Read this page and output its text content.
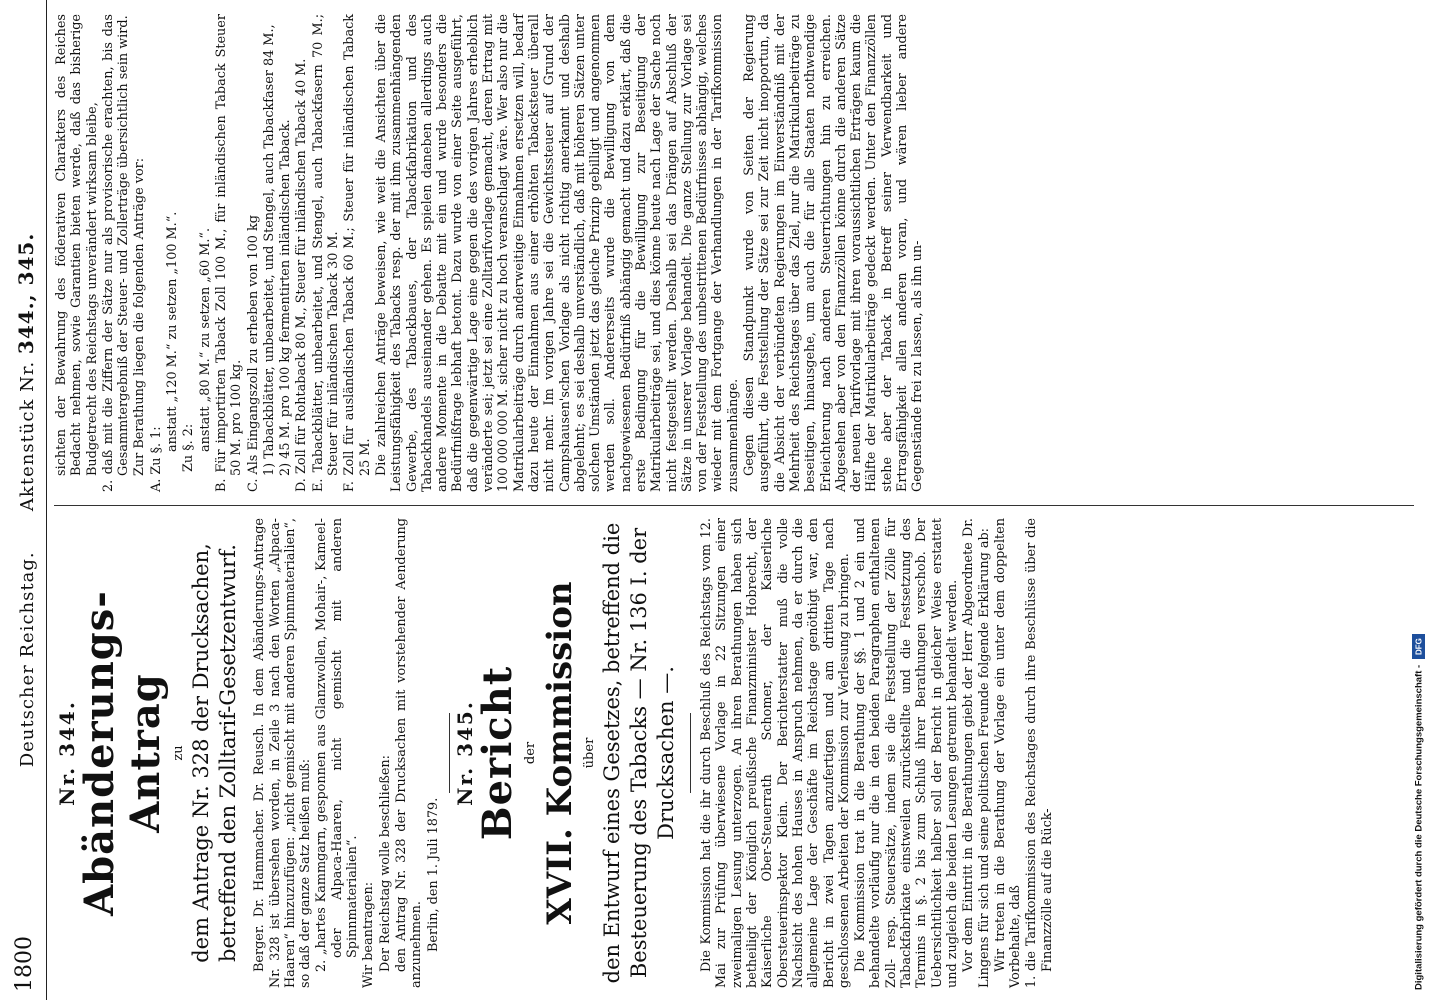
1800
Deutscher Reichstag.      Aktenstück Nr. 344., 345.
Nr. 344.
Abänderungs-Antrag zu dem Antrage Nr. 328 der Drucksachen, betreffend den Zolltarif-Gesetzentwurf. Berger. Dr. Hammacher. Dr. Reusch. In dem Abänderungs-Antrage Nr. 328 ist übersehen worden, in Zeile 3 nach den Worten „Alpaca-Haaren“ hinzuzufügen: „nicht gemischt mit anderen Spinnmaterialien“, so daß der ganze Satz heißen muß: 2. „hartes Kammgarn, gesponnen aus Glanzwollen, Mohair-, Kameel- oder Alpaca-Haaren, nicht gemischt mit anderen Spinnmaterialien“. Wir beantragen: Der Reichstag wolle beschließen: den Antrag Nr. 328 der Drucksachen mit vorstehender Aenderung anzunehmen. Berlin, den 1. Juli 1879.

Nr. 345.
Bericht der XVII. Kommission über den Entwurf eines Gesetzes, betreffend die Besteuerung des Tabacks — Nr. 136 I. der Drucksachen —. Die Kommission hat die ihr durch Beschluß des Reichstags vom 12. Mai zur Prüfung überwiesene Vorlage in 22 Sitzungen einer zweimaligen Lesung unterzogen. An ihren Berathungen haben sich betheiligt der Königlich preußische Finanzminister Hobrecht, der Kaiserliche Ober-Steuerrath Schomer, der Kaiserliche Obersteuerinspektor Klein. Der Berichterstatter muß die volle Nachsicht des hohen Hauses in Anspruch nehmen, da er durch die allgemeine Lage der Geschäfte im Reichstage genöthigt war, den Bericht in zwei Tagen anzufertigen und am dritten Tage nach geschlossenen Arbeiten der Kommission zur Verlesung zu bringen. Die Kommission trat in die Berathung der §§. 1 und 2 ein und behandelte vorläufig nur die in den beiden Paragraphen enthaltenen Zoll- resp. Steuersätze, indem sie die Feststellung der Zölle für Tabackfabrikate einstweilen zurückstellte und die Festsetzung des Termins in §. 2 bis zum Schluß ihrer Berathungen verschob. Der Uebersichtlichkeit halber soll der Bericht in gleicher Weise erstattet und zugleich die beiden Lesungen getrennt behandelt werden. Vor dem Eintritt in die Berathungen giebt der Herr Abgeordnete Dr. Lingens für sich und seine politischen Freunde folgende Erklärung ab: Wir treten in die Berathung der Vorlage ein unter dem doppelten Vorbehalte, daß 1. die Tarifkommission des Reichstages durch ihre Beschlüsse über die Finanzzölle auf die Rück-

sichten der Bewahrung des föderativen Charakters des Reiches Bedacht nehmen, sowie Garantien bieten werde, daß das bisherige Budgetrecht des Reichstags unverändert wirksam bleibe, 2. daß mit die Ziffern der Sätze nur als provisorische erachten, bis das Gesammtergebniß der Steuer- und Zollerträge übersichtlich sein wird. Zur Berathung liegen die folgenden Anträge vor: A. Zu §. 1:

anstatt „120 M.“ zu setzen „100 M.“. Zu §. 2: anstatt „80 M.“ zu setzen „60 M.“. B. Für importirten Taback Zoll 100 M., für inländischen Taback Steuer 50 M. pro 100 kg. C. Als Eingangszoll zu erheben von 100 kg 1) Tabackblätter, unbearbeitet, und Stengel, auch Tabackfaser 84 M., 2) 45 M. pro 100 kg fermentirten inländischen Taback. D. Zoll für Rohtaback 80 M., Steuer für inländischen Taback 40 M. E. Tabackblätter, unbearbeitet, und Stengel, auch Tabackfasern 70 M.; Steuer für inländischen Taback 30 M. F. Zoll für ausländischen Taback 60 M.; Steuer für inländischen Taback 25 M. Die zahlreichen Anträge beweisen, wie weit die Ansichten über die Leistungsfähigkeit des Tabacks resp. der mit ihm zusammenhängenden Gewerbe, des Tabackbaues, der Tabackfabrikation und des Tabackhandels auseinander gehen. Es spielen daneben allerdings auch andere Momente in die Debatte mit ein und wurde besonders die Bedürfnißfrage lebhaft betont. Dazu wurde von einer Seite ausgeführt, daß die gegenwärtige Lage eine gegen die des vorigen Jahres erheblich veränderte sei; jetzt sei eine Zolltarifvorlage gemacht, deren Ertrag mit 100 000 000 M. sicher nicht zu hoch veranschlagt wäre. Wer also nur die Matrikularbeiträge durch anderweitige Einnahmen ersetzen will, bedarf dazu heute der Einnahmen aus einer erhöhten Tabacksteuer überall nicht mehr. Im vorigen Jahre sei die Gewichtssteuer auf Grund der Campshausen'schen Vorlage als nicht richtig anerkannt und deshalb abgelehnt; es sei deshalb unverständlich, daß mit höheren Sätzen unter solchen Umständen jetzt das gleiche Prinzip gebilligt und angenommen werden soll. Andererseits wurde die Bewilligung von dem nachgewiesenen Bedürfniß abhängig gemacht und dazu erklärt, daß die erste Bedingung für die Bewilligung zur Beseitigung der Matrikularbeiträge sei, und dies könne heute nach Lage der Sache noch nicht festgestellt werden. Deshalb sei das Drängen auf Abschluß der Sätze in unserer Vorlage behandelt. Die ganze Stellung zur Vorlage sei von der Feststellung des unbestrittenen Bedürfnisses abhängig, welches wieder mit dem Fortgange der Verhandlungen in der Tarifkommission zusammenhänge. Gegen diesen Standpunkt wurde von Seiten der Regierung ausgeführt, die Feststellung der Sätze sei zur Zeit nicht inopportun, da die Absicht der verbündeten Regierungen im Einverständniß mit der Mehrheit des Reichstages über das Ziel, nur die Matrikularbeiträge zu beseitigen, hinausgehe, um auch die für alle Staaten nothwendige Erleichterung nach anderen Steuerrichtungen hin zu erreichen. Abgesehen aber von den Finanzzöllen könne durch die anderen Sätze der neuen Tarifvorlage mit ihren voraussichtlichen Erträgen kaum die Hälfte der Matrikularbeiträge gedeckt werden. Unter den Finanzzöllen stehe aber der Taback in Betreff seiner Verwendbarkeit und Ertragsfähigkeit allen anderen voran, und wären lieber andere Gegenstände frei zu lassen, als ihn un-

Digitalisierung gefördert durch die Deutsche Forschungsgemeinschaft -
DFG
